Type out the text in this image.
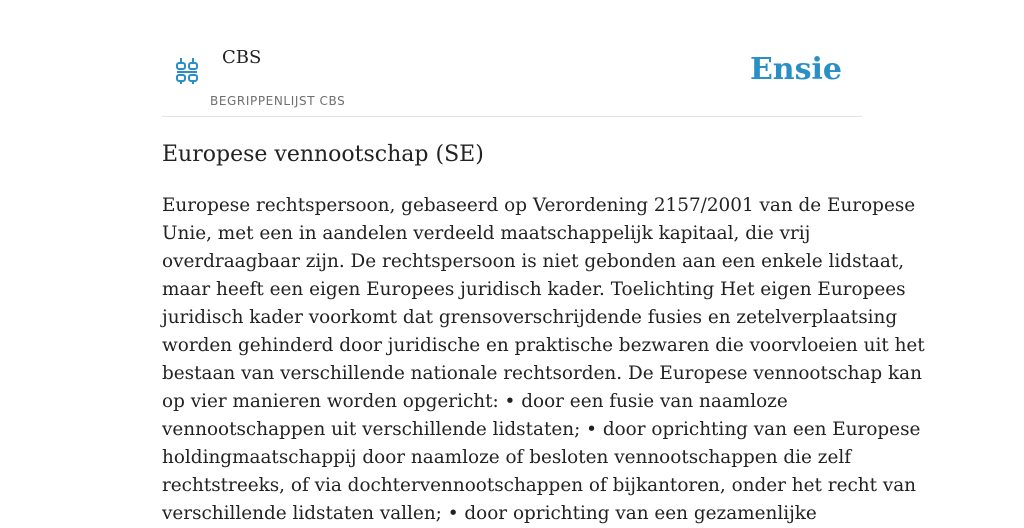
CBS
BEGRIPPENLIJST CBS
Ensie
Europese vennootschap (SE)
Europese rechtspersoon, gebaseerd op Verordening 2157/2001 van de Europese
Unie, met een in aandelen verdeeld maatschappelijk kapitaal, die vrij
overdraagbaar zijn. De rechtspersoon is niet gebonden aan een enkele lidstaat,
maar heeft een eigen Europees juridisch kader. Toelichting Het eigen Europees
juridisch kader voorkomt dat grensoverschrijdende fusies en zetelverplaatsing
worden gehinderd door juridische en praktische bezwaren die voorvloeien uit het
bestaan van verschillende nationale rechtsorden. De Europese vennootschap kan
op vier manieren worden opgericht: • door een fusie van naamloze
vennootschappen uit verschillende lidstaten; • door oprichting van een Europese
holdingmaatschappij door naamloze of besloten vennootschappen die zelf
rechtstreeks, of via dochtervennootschappen of bijkantoren, onder het recht van
verschillende lidstaten vallen; • door oprichting van een gezamenlijke
